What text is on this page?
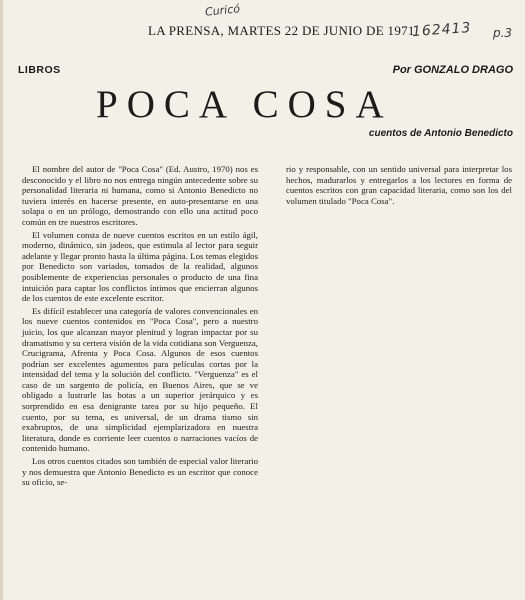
Curicó
162413 p.3
LA PRENSA, MARTES 22 DE JUNIO DE 1971
LIBROS	Por GONZALO DRAGO
POCA COSA
cuentos de Antonio Benedicto

El nombre del autor de "Poca Cosa" (Ed. Austro, 1970) nos es desconocido y el libro no nos entrega ningún antecedente sobre su personalidad literaria ni humana, como si Antonio Benedicto no tuviera interés en hacerse presente, en auto-presentarse en una solapa o en un prólogo, demostrando con ello una actitud poco común en tre nuestros escritores.

El volumen consta de nueve cuentos escritos en un estilo ágil, moderno, dinámico, sin jadeos, que estimula al lector para seguir adelante y llegar pronto hasta la última página. Los temas elegidos por Benedicto son variados, tomados de la realidad, algunos posiblemente de experiencias personales o producto de una fina intuición para captar los conflictos íntimos que encierran algunos de los cuentos de este excelente escritor.

Es difícil establecer una categoría de valores convencionales en los nueve cuentos contenidos en "Poca Cosa", pero a nuestro juicio, los que alcanzan mayor plenitud y logran impactar por su dramatismo y su certera visión de la vida cotidiana son Verguenza, Crucigrama, Afrenta y Poca Cosa. Algunos de esos cuentos podrían ser excelentes agumentos para películas cortas por la intensidad del tema y la solución del conflicto. "Verguenza" es el caso de un sargento de policía, en Buenos Aires, que se ve obligado a lustrarle las botas a un superior jerárquico y es sorprendido en esa denigrante tarea por su hijo pequeño. El cuento, por su tema, es universal, de un drama tismo sin exabruptos, de una simplicidad ejemplarizadora en nuestra literatura, donde es corriente leer cuentos o narraciones vacíos de contenido humano.

Los otros cuentos citados son también de especial valor literario y nos demuestra que Antonio Benedicto es un escritor que conoce su oficio, se-

rio y responsable, con un sentido universal para interpretar los hechos, madurarlos y entregarlos a los lectores en forma de cuentos escritos con gran capacidad literaria, como son los del volumen titulado "Poca Cosa".
